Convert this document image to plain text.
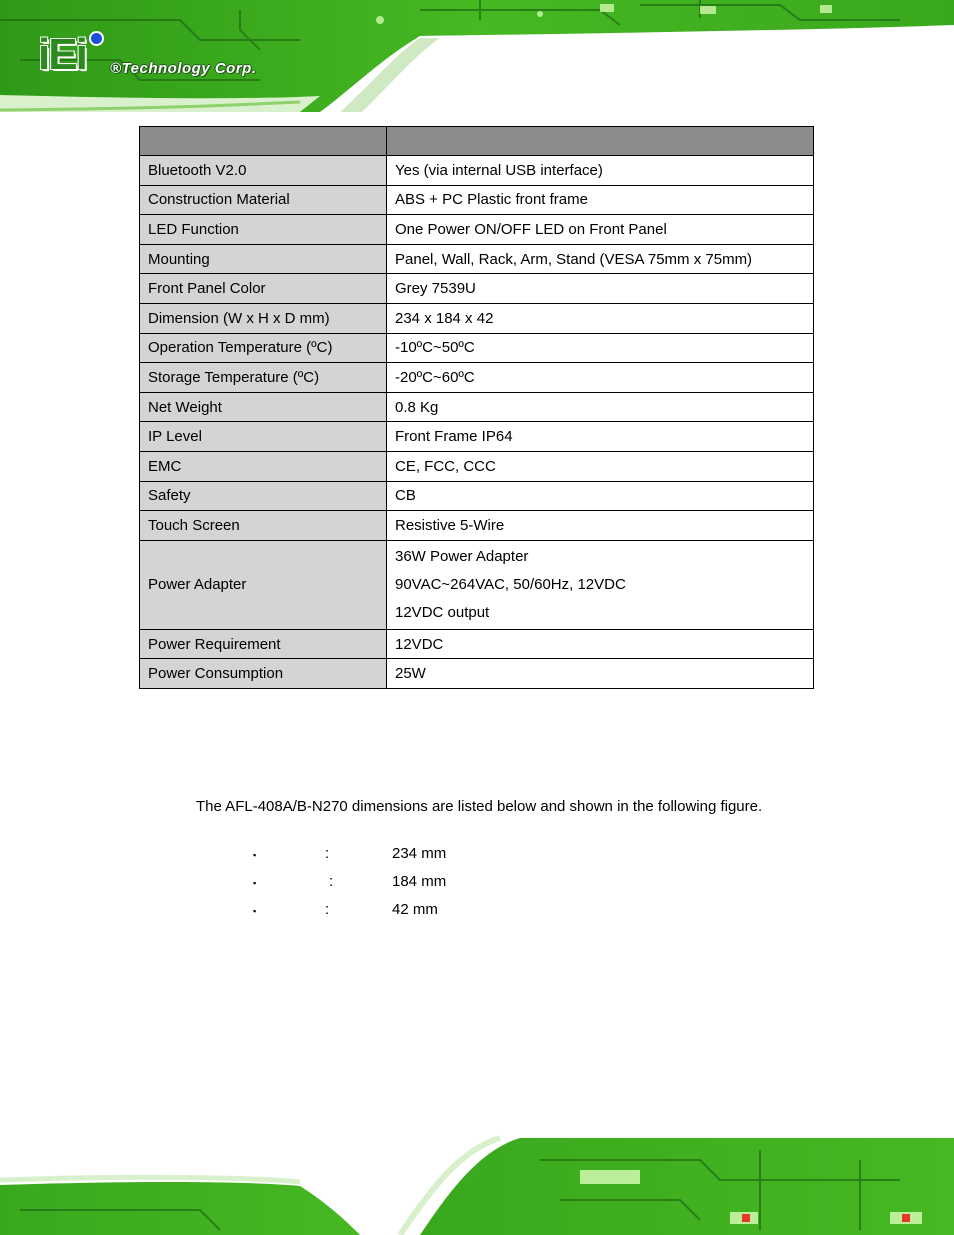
iEi ®Technology Corp.

Bluetooth V2.0	Yes (via internal USB interface)
Construction Material	ABS + PC Plastic front frame
LED Function	One Power ON/OFF LED on Front Panel
Mounting	Panel, Wall, Rack, Arm, Stand (VESA 75mm x 75mm)
Front Panel Color	Grey 7539U
Dimension (W x H x D mm)	234 x 184 x 42
Operation Temperature (ºC)	-10ºC~50ºC
Storage Temperature (ºC)	-20ºC~60ºC
Net Weight	0.8 Kg
IP Level	Front Frame IP64
EMC	CE, FCC, CCC
Safety	CB
Touch Screen	Resistive 5-Wire
Power Adapter	36W Power Adapter
90VAC~264VAC, 50/60Hz, 12VDC
12VDC output

Power Requirement	12VDC
Power Consumption	25W
The AFL-408A/B-N270 dimensions are listed below and shown in the following figure.
▪	:	234 mm
▪	:	184 mm
▪	:	42 mm
